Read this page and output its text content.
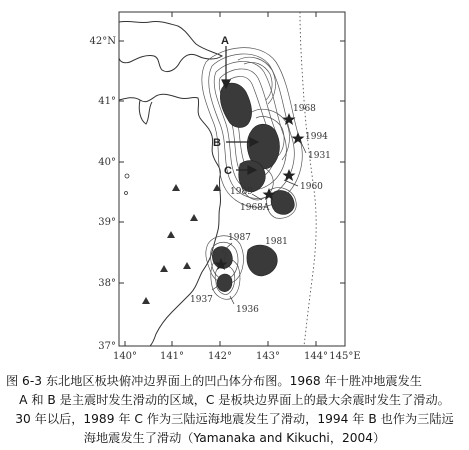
42°N
41°
40°
39°
38°
37°
140° 141° 142° 143° 144° 145°E
A
B
C
1968
1994
1931
1960
1989
1968A
1987 1981
1937
1936
图 6-3 东北地区板块俯冲边界面上的凹凸体分布图。1968 年十胜冲地震发生
A 和 B 是主震时发生滑动的区域，C 是板块边界面上的最大余震时发生了滑动。
30 年以后，1989 年 C 作为三陆远海地震发生了滑动，1994 年 B 也作为三陆远
海地震发生了滑动（Yamanaka and Kikuchi，2004）
